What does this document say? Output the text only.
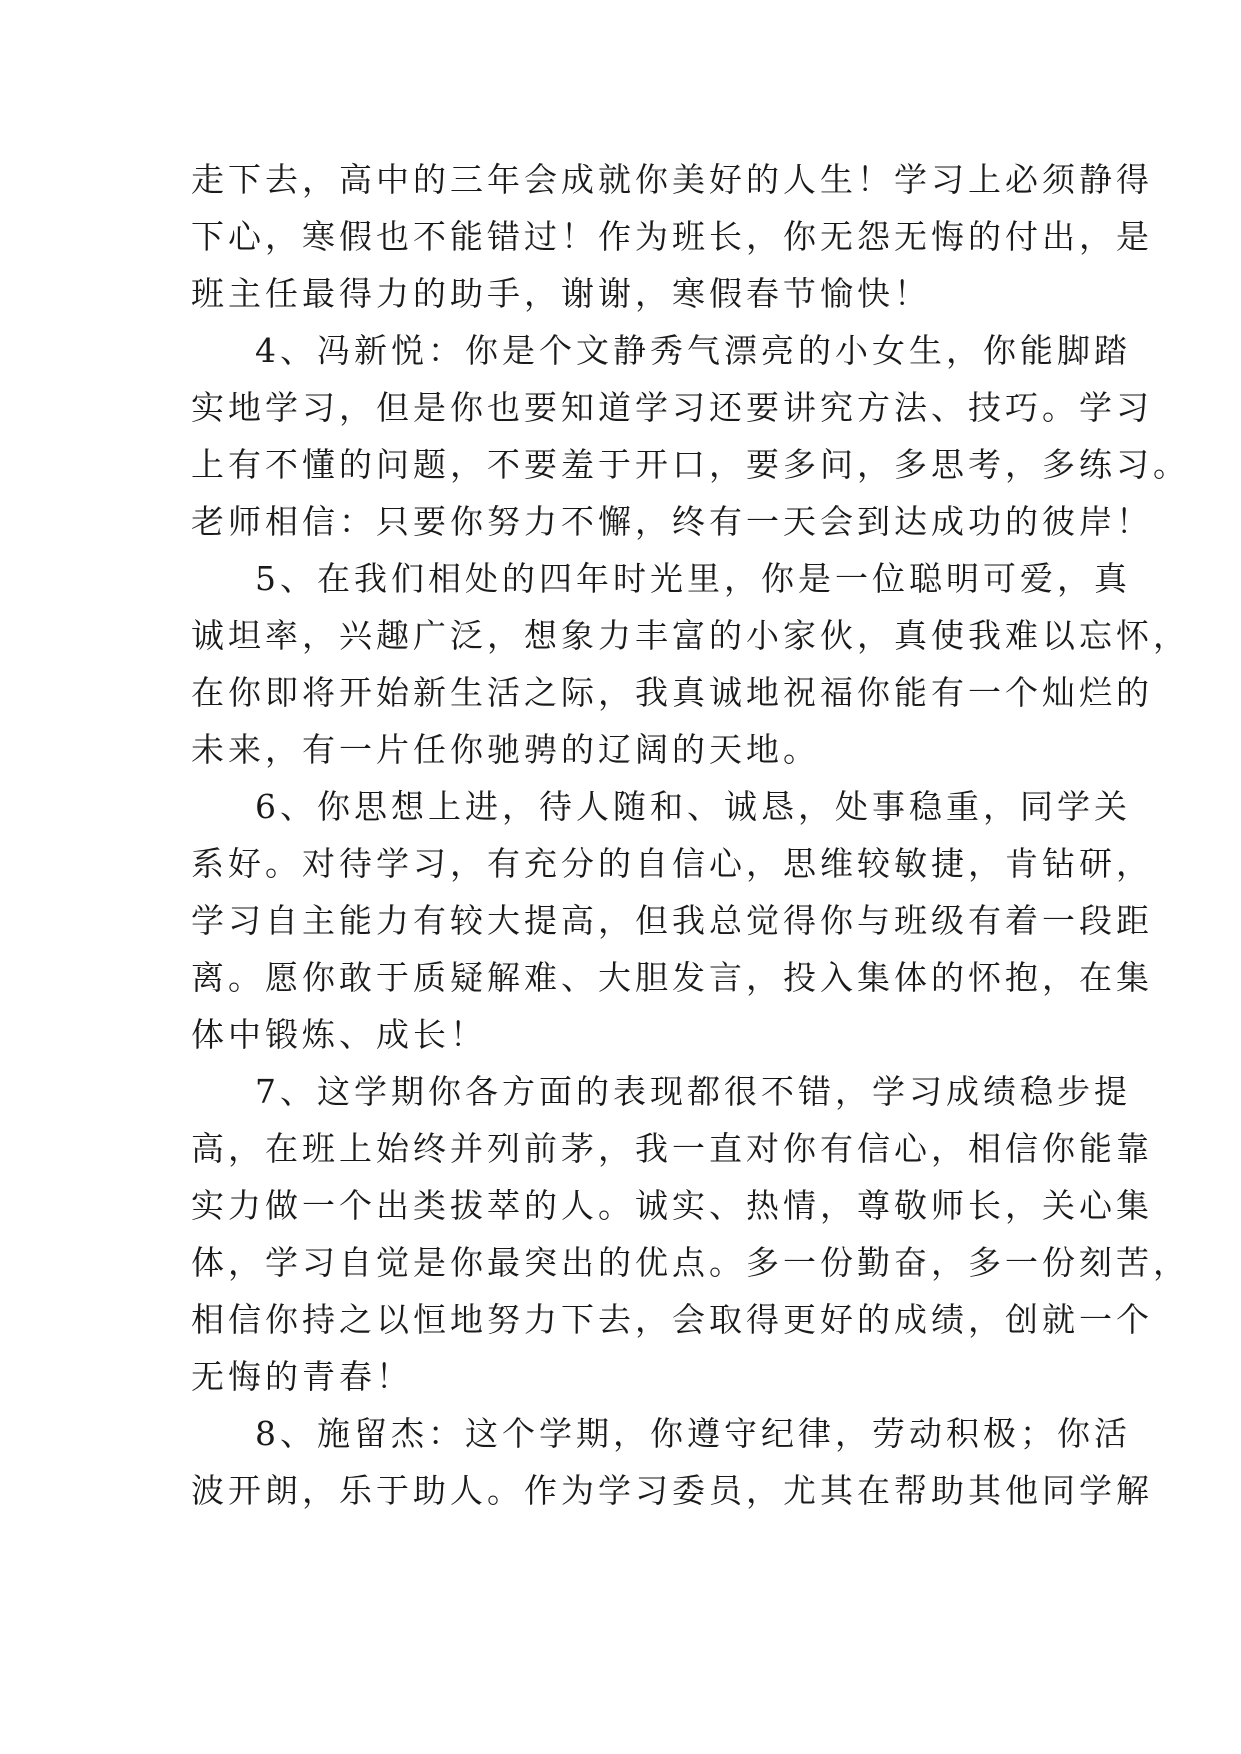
走下去，高中的三年会成就你美好的人生！学习上必须静得
下心，寒假也不能错过！作为班长，你无怨无悔的付出，是
班主任最得力的助手，谢谢，寒假春节愉快！
4、冯新悦：你是个文静秀气漂亮的小女生，你能脚踏
实地学习，但是你也要知道学习还要讲究方法、技巧。学习
上有不懂的问题，不要羞于开口，要多问，多思考，多练习。
老师相信：只要你努力不懈，终有一天会到达成功的彼岸！
5、在我们相处的四年时光里，你是一位聪明可爱，真
诚坦率，兴趣广泛，想象力丰富的小家伙，真使我难以忘怀，
在你即将开始新生活之际，我真诚地祝福你能有一个灿烂的
未来，有一片任你驰骋的辽阔的天地。
6、你思想上进，待人随和、诚恳，处事稳重，同学关
系好。对待学习，有充分的自信心，思维较敏捷，肯钻研，
学习自主能力有较大提高，但我总觉得你与班级有着一段距
离。愿你敢于质疑解难、大胆发言，投入集体的怀抱，在集
体中锻炼、成长！
7、这学期你各方面的表现都很不错，学习成绩稳步提
高，在班上始终并列前茅，我一直对你有信心，相信你能靠
实力做一个出类拔萃的人。诚实、热情，尊敬师长，关心集
体，学习自觉是你最突出的优点。多一份勤奋，多一份刻苦，
相信你持之以恒地努力下去，会取得更好的成绩，创就一个
无悔的青春！
8、施留杰：这个学期，你遵守纪律，劳动积极；你活
波开朗，乐于助人。作为学习委员，尤其在帮助其他同学解
